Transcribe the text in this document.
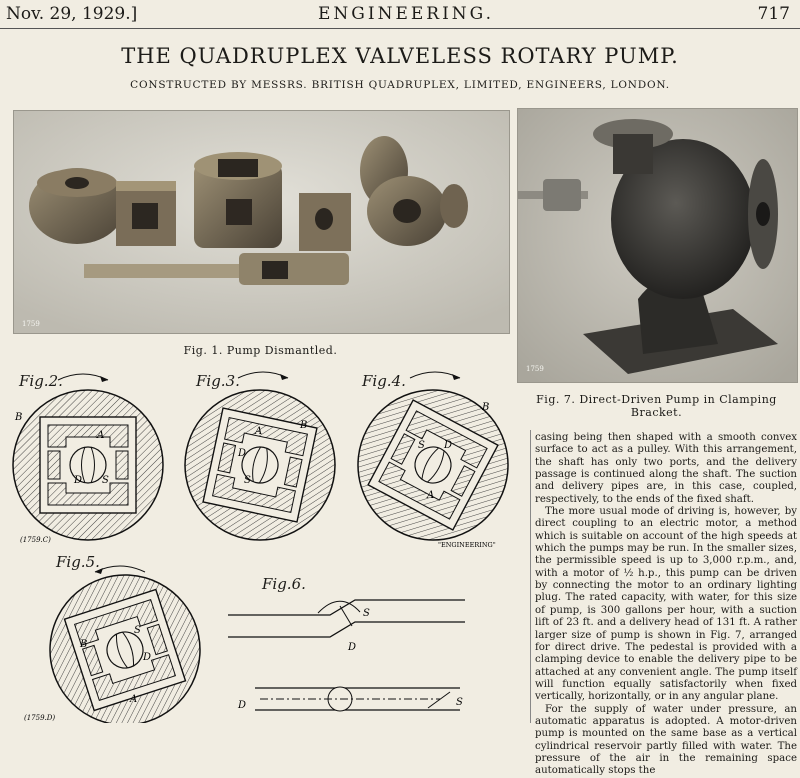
Nov. 29, 1929.]	ENGINEERING.	717
THE QUADRUPLEX VALVELESS ROTARY PUMP.
CONSTRUCTED BY MESSRS. BRITISH QUADRUPLEX, LIMITED, ENGINEERS, LONDON.
1759
Fig. 1. Pump Dismantled.
1759
Fig. 7. Direct-Driven Pump in Clamping
Bracket.
Fig.2.	Fig.3.	Fig.4.
Fig.5.
Fig.6.
B
A
D S
(1759.C)
B
A
D
S
B
S D
A
"ENGINEERING"
B
S
D
A
(1759.D)
S
D
D	S

casing being then shaped with a smooth convex surface to act as a pulley. With this arrangement, the shaft has only two ports, and the delivery passage is continued along the shaft. The suction and delivery pipes are, in this case, coupled, respectively, to the ends of the fixed shaft.

The more usual mode of driving is, however, by direct coupling to an electric motor, a method which is suitable on account of the high speeds at which the pumps may be run. In the smaller sizes, the permissible speed is up to 3,000 r.p.m., and, with a motor of ½ h.p., this pump can be driven by connecting the motor to an ordinary lighting plug. The rated capacity, with water, for this size of pump, is 300 gallons per hour, with a suction lift of 23 ft. and a delivery head of 131 ft. A rather larger size of pump is shown in Fig. 7, arranged for direct drive. The pedestal is provided with a clamping device to enable the delivery pipe to be attached at any convenient angle. The pump itself will function equally satisfactorily when fixed vertically, horizontally, or in any angular plane.

For the supply of water under pressure, an automatic apparatus is adopted. A motor-driven pump is mounted on the same base as a vertical cylindrical reservoir partly filled with water. The pressure of the air in the remaining space automatically stops the
